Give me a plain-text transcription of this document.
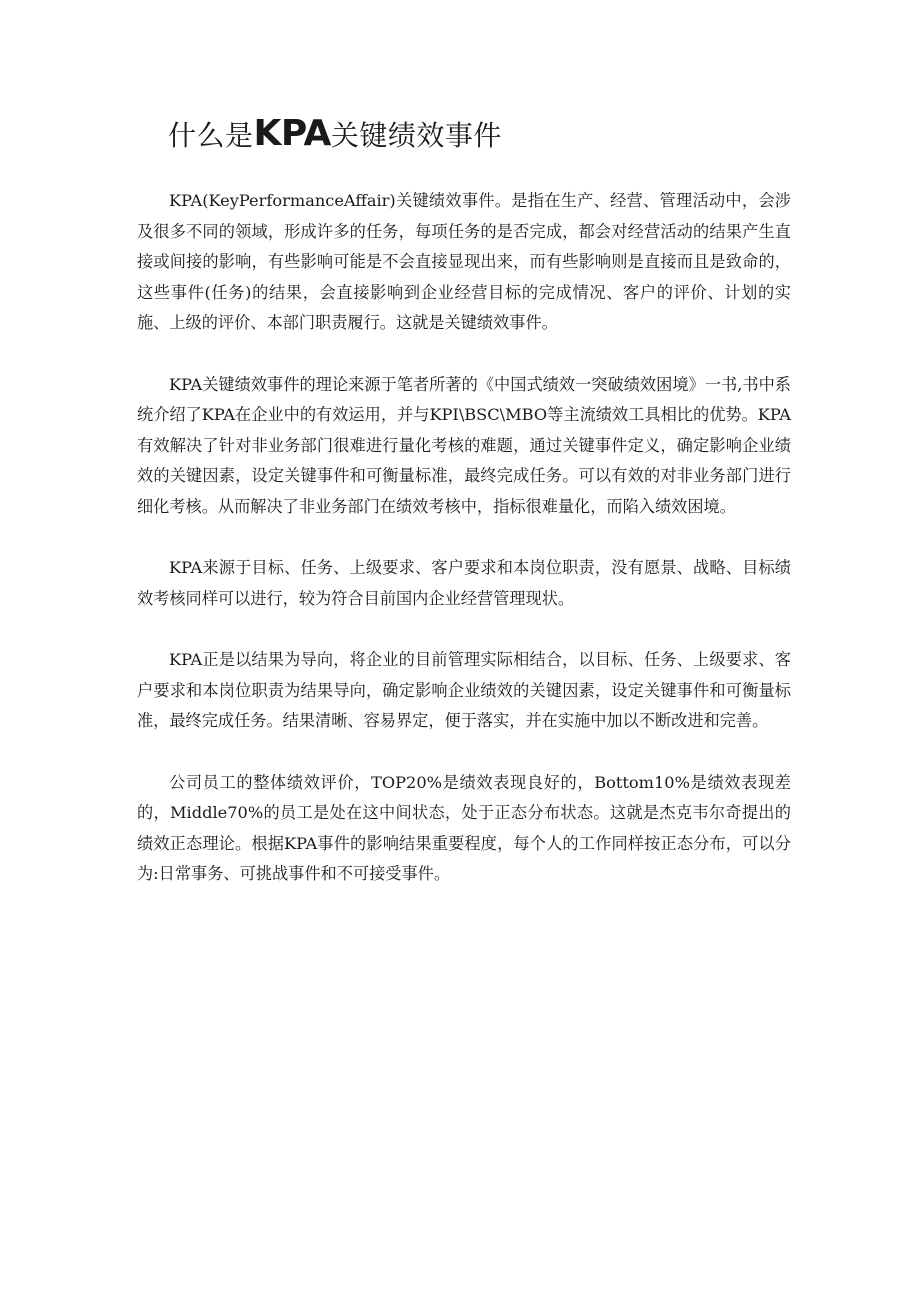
什么是KPA关键绩效事件

KPA(KeyPerformanceAffair)关键绩效事件。是指在生产、经营、管理活动中，会涉及很多不同的领域，形成许多的任务，每项任务的是否完成，都会对经营活动的结果产生直接或间接的影响，有些影响可能是不会直接显现出来，而有些影响则是直接而且是致命的，这些事件(任务)的结果，会直接影响到企业经营目标的完成情况、客户的评价、计划的实施、上级的评价、本部门职责履行。这就是关键绩效事件。

KPA关键绩效事件的理论来源于笔者所著的《中国式绩效一突破绩效困境》一书,书中系统介绍了KPA在企业中的有效运用，并与KPI\BSC\MBO等主流绩效工具相比的优势。KPA有效解决了针对非业务部门很难进行量化考核的难题，通过关键事件定义，确定影响企业绩效的关键因素，设定关键事件和可衡量标准，最终完成任务。可以有效的对非业务部门进行细化考核。从而解决了非业务部门在绩效考核中，指标很难量化，而陷入绩效困境。

KPA来源于目标、任务、上级要求、客户要求和本岗位职责，没有愿景、战略、目标绩效考核同样可以进行，较为符合目前国内企业经营管理现状。

KPA正是以结果为导向，将企业的目前管理实际相结合，以目标、任务、上级要求、客户要求和本岗位职责为结果导向，确定影响企业绩效的关键因素，设定关键事件和可衡量标准，最终完成任务。结果清晰、容易界定，便于落实，并在实施中加以不断改进和完善。

公司员工的整体绩效评价，TOP20%是绩效表现良好的，Bottom10%是绩效表现差的，Middle70%的员工是处在这中间状态，处于正态分布状态。这就是杰克韦尔奇提出的绩效正态理论。根据KPA事件的影响结果重要程度，每个人的工作同样按正态分布，可以分为:日常事务、可挑战事件和不可接受事件。
